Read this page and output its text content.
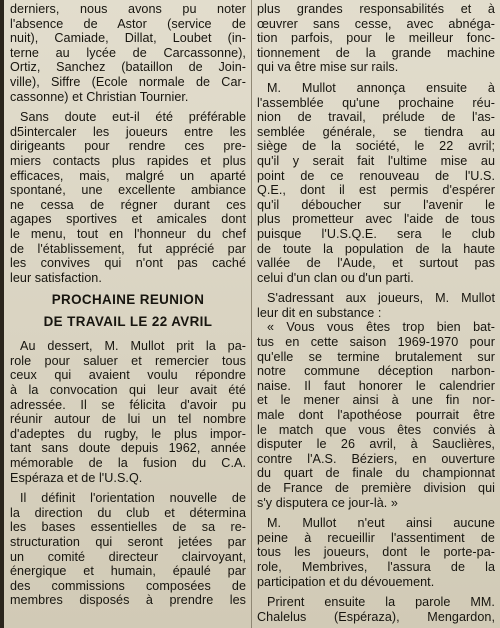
derniers, nous avons pu noter

l'absence de Astor (service de

nuit), Camiade, Dillat, Loubet (in-

terne au lycée de Carcassonne),

Ortiz, Sanchez (bataillon de Join-

ville), Siffre (Ecole normale de Car-

cassonne) et Christian Tournier.

Sans doute eut-il été préférable

d5intercaler les joueurs entre les

dirigeants pour rendre ces pre-

miers contacts plus rapides et plus

efficaces, mais, malgré un aparté

spontané, une excellente ambiance

ne cessa de régner durant ces

agapes sportives et amicales dont

le menu, tout en l'honneur du chef

de l'établissement, fut apprécié par

les convives qui n'ont pas caché

leur satisfaction.

PROCHAINE REUNION
DE TRAVAIL LE 22 AVRIL

Au dessert, M. Mullot prit la pa-

role pour saluer et remercier tous

ceux qui avaient voulu répondre

à la convocation qui leur avait été

adressée. Il se félicita d'avoir pu

réunir autour de lui un tel nombre

d'adeptes du rugby, le plus impor-

tant sans doute depuis 1962, année

mémorable de la fusion du C.A.

Espéraza et de l'U.S.Q.

Il définit l'orientation nouvelle de

la direction du club et détermina

les bases essentielles de sa re-

structuration qui seront jetées par

un comité directeur clairvoyant,

énergique et humain, épaulé par

des commissions composées de

membres disposés à prendre les

plus grandes responsabilités et à

œuvrer sans cesse, avec abnéga-

tion parfois, pour le meilleur fonc-

tionnement de la grande machine

qui va être mise sur rails.

M. Mullot annonça ensuite à

l'assemblée qu'une prochaine réu-

nion de travail, prélude de l'as-

semblée générale, se tiendra au

siège de la société, le 22 avril;

qu'il y serait fait l'ultime mise au

point de ce renouveau de l'U.S.

Q.E., dont il est permis d'espérer

qu'il déboucher sur l'avenir le

plus prometteur avec l'aide de tous

puisque l'U.S.Q.E. sera le club

de toute la population de la haute

vallée de l'Aude, et surtout pas

celui d'un clan ou d'un parti.

S'adressant aux joueurs, M. Mullot

leur dit en substance :

« Vous vous êtes trop bien bat-

tus en cette saison 1969-1970 pour

qu'elle se termine brutalement sur

notre commune déception narbon-

naise. Il faut honorer le calendrier

et le mener ainsi à une fin nor-

male dont l'apothéose pourrait être

le match que vous êtes conviés à

disputer le 26 avril, à Sauclières,

contre l'A.S. Béziers, en ouverture

du quart de finale du championnat

de France de première division qui

s'y disputera ce jour-là. »

M. Mullot n'eut ainsi aucune

peine à recueillir l'assentiment de

tous les joueurs, dont le porte-pa-

role, Membrives, l'assura de la

participation et du dévouement.

Prirent ensuite la parole MM.

Chalelus (Espéraza), Mengardon,
